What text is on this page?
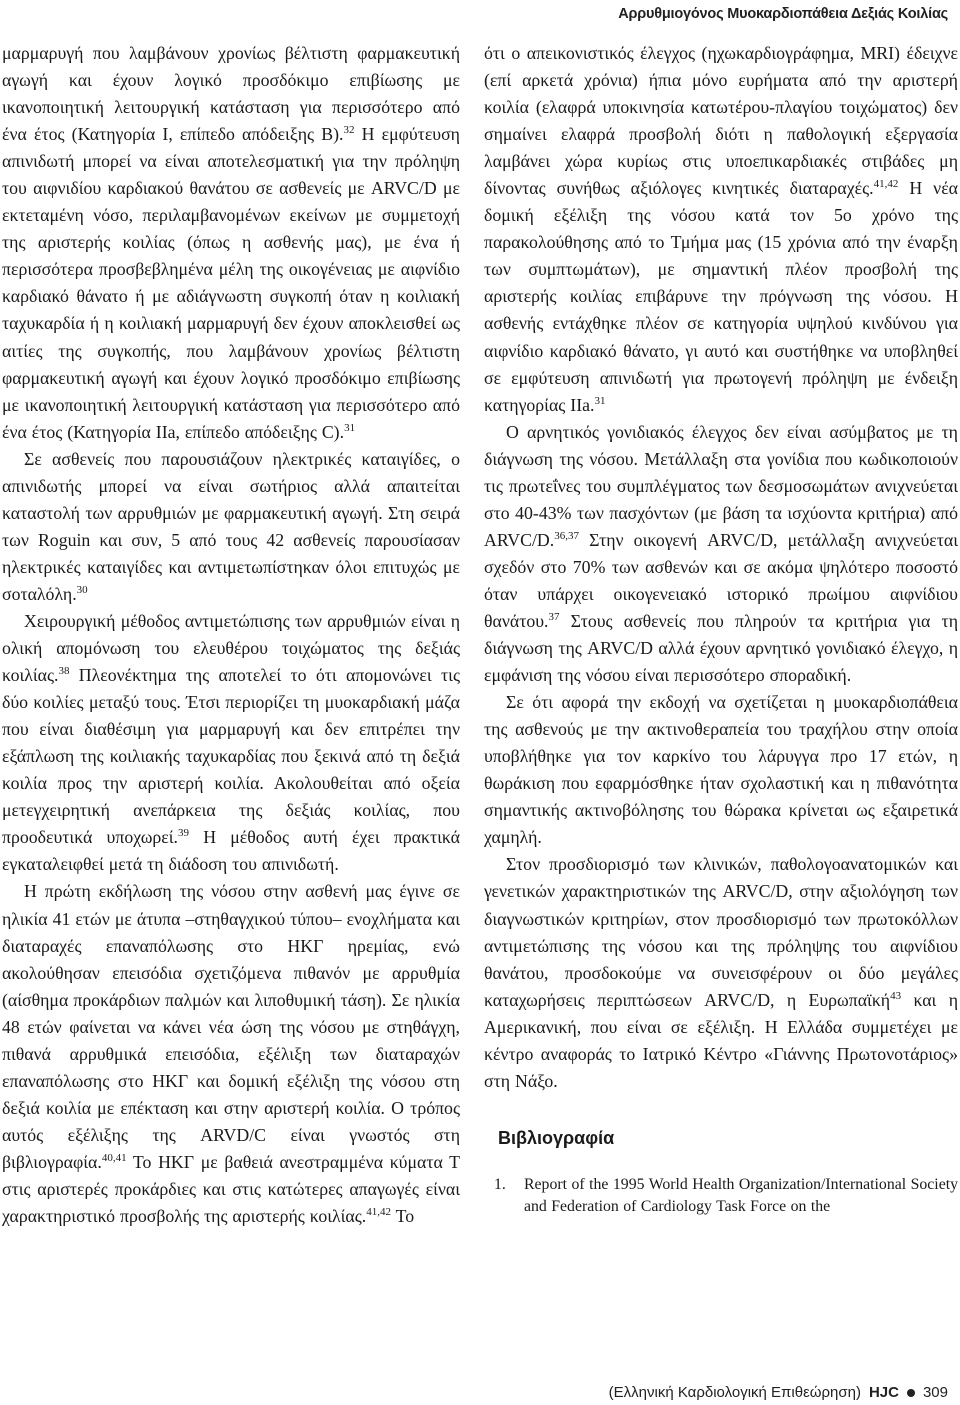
Αρρυθμιογόνος Μυοκαρδιοπάθεια Δεξιάς Κοιλίας

μαρμαρυγή που λαμβάνουν χρονίως βέλτιστη φαρμακευτική αγωγή και έχουν λογικό προσδόκιμο επιβίωσης με ικανοποιητική λειτουργική κατάσταση για περισσότερο από ένα έτος (Κατηγορία Ι, επίπεδο απόδειξης Β).$^{32}$ Η εμφύτευση απινιδωτή μπορεί να είναι αποτελεσματική για την πρόληψη του αιφνιδίου καρδιακού θανάτου σε ασθενείς με ARVC/D με εκτεταμένη νόσο, περιλαμβανομένων εκείνων με συμμετοχή της αριστερής κοιλίας (όπως η ασθενής μας), με ένα ή περισσότερα προσβεβλημένα μέλη της οικογένειας με αιφνίδιο καρδιακό θάνατο ή με αδιάγνωστη συγκοπή όταν η κοιλιακή ταχυκαρδία ή η κοιλιακή μαρμαρυγή δεν έχουν αποκλεισθεί ως αιτίες της συγκοπής, που λαμβάνουν χρονίως βέλτιστη φαρμακευτική αγωγή και έχουν λογικό προσδόκιμο επιβίωσης με ικανοποιητική λειτουργική κατάσταση για περισσότερο από ένα έτος (Κατηγορία ΙΙa, επίπεδο απόδειξης C).$^{31}$

Σε ασθενείς που παρουσιάζουν ηλεκτρικές καταιγίδες, ο απινιδωτής μπορεί να είναι σωτήριος αλλά απαιτείται καταστολή των αρρυθμιών με φαρμακευτική αγωγή. Στη σειρά των Roguin και συν, 5 από τους 42 ασθενείς παρουσίασαν ηλεκτρικές καταιγίδες και αντιμετωπίστηκαν όλοι επιτυχώς με σοταλόλη.$^{30}$

Χειρουργική μέθοδος αντιμετώπισης των αρρυθμιών είναι η ολική απομόνωση του ελευθέρου τοιχώματος της δεξιάς κοιλίας.$^{38}$ Πλεονέκτημα της αποτελεί το ότι απομονώνει τις δύο κοιλίες μεταξύ τους. Έτσι περιορίζει τη μυοκαρδιακή μάζα που είναι διαθέσιμη για μαρμαρυγή και δεν επιτρέπει την εξάπλωση της κοιλιακής ταχυκαρδίας που ξεκινά από τη δεξιά κοιλία προς την αριστερή κοιλία. Ακολουθείται από οξεία μετεγχειρητική ανεπάρκεια της δεξιάς κοιλίας, που προοδευτικά υποχωρεί.$^{39}$ Η μέθοδος αυτή έχει πρακτικά εγκαταλειφθεί μετά τη διάδοση του απινιδωτή.

Η πρώτη εκδήλωση της νόσου στην ασθενή μας έγινε σε ηλικία 41 ετών με άτυπα –στηθαγχικού τύπου– ενοχλήματα και διαταραχές επαναπόλωσης στο ΗΚΓ ηρεμίας, ενώ ακολούθησαν επεισόδια σχετιζόμενα πιθανόν με αρρυθμία (αίσθημα προκάρδιων παλμών και λιποθυμική τάση). Σε ηλικία 48 ετών φαίνεται να κάνει νέα ώση της νόσου με στηθάγχη, πιθανά αρρυθμικά επεισόδια, εξέλιξη των διαταραχών επαναπόλωσης στο ΗΚΓ και δομική εξέλιξη της νόσου στη δεξιά κοιλία με επέκταση και στην αριστερή κοιλία. Ο τρόπος αυτός εξέλιξης της ARVD/C είναι γνωστός στη βιβλιογραφία.$^{40,41}$ Το ΗΚΓ με βαθειά ανεστραμμένα κύματα Τ στις αριστερές προκάρδιες και στις κατώτερες απαγωγές είναι χαρακτηριστικό προσβολής της αριστερής κοιλίας.$^{41,42}$ Το

ότι ο απεικονιστικός έλεγχος (ηχωκαρδιογράφημα, MRI) έδειχνε (επί αρκετά χρόνια) ήπια μόνο ευρήματα από την αριστερή κοιλία (ελαφρά υποκινησία κατωτέρου-πλαγίου τοιχώματος) δεν σημαίνει ελαφρά προσβολή διότι η παθολογική εξεργασία λαμβάνει χώρα κυρίως στις υποεπικαρδιακές στιβάδες μη δίνοντας συνήθως αξιόλογες κινητικές διαταραχές.$^{41,42}$ Η νέα δομική εξέλιξη της νόσου κατά τον 5ο χρόνο της παρακολούθησης από το Τμήμα μας (15 χρόνια από την έναρξη των συμπτωμάτων), με σημαντική πλέον προσβολή της αριστερής κοιλίας επιβάρυνε την πρόγνωση της νόσου. Η ασθενής εντάχθηκε πλέον σε κατηγορία υψηλού κινδύνου για αιφνίδιο καρδιακό θάνατο, γι αυτό και συστήθηκε να υποβληθεί σε εμφύτευση απινιδωτή για πρωτογενή πρόληψη με ένδειξη κατηγορίας ΙΙa.$^{31}$

Ο αρνητικός γονιδιακός έλεγχος δεν είναι ασύμβατος με τη διάγνωση της νόσου. Μετάλλαξη στα γονίδια που κωδικοποιούν τις πρωτεΐνες του συμπλέγματος των δεσμοσωμάτων ανιχνεύεται στο 40-43% των πασχόντων (με βάση τα ισχύοντα κριτήρια) από ARVC/D.$^{36,37}$ Στην οικογενή ARVC/D, μετάλλαξη ανιχνεύεται σχεδόν στο 70% των ασθενών και σε ακόμα ψηλότερο ποσοστό όταν υπάρχει οικογενειακό ιστορικό πρωίμου αιφνίδιου θανάτου.$^{37}$ Στους ασθενείς που πληρούν τα κριτήρια για τη διάγνωση της ARVC/D αλλά έχουν αρνητικό γονιδιακό έλεγχο, η εμφάνιση της νόσου είναι περισσότερο σποραδική.

Σε ότι αφορά την εκδοχή να σχετίζεται η μυοκαρδιοπάθεια της ασθενούς με την ακτινοθεραπεία του τραχήλου στην οποία υποβλήθηκε για τον καρκίνο του λάρυγγα προ 17 ετών, η θωράκιση που εφαρμόσθηκε ήταν σχολαστική και η πιθανότητα σημαντικής ακτινοβόλησης του θώρακα κρίνεται ως εξαιρετικά χαμηλή.

Στον προσδιορισμό των κλινικών, παθολογοανατομικών και γενετικών χαρακτηριστικών της ARVC/D, στην αξιολόγηση των διαγνωστικών κριτηρίων, στον προσδιορισμό των πρωτοκόλλων αντιμετώπισης της νόσου και της πρόληψης του αιφνίδιου θανάτου, προσδοκούμε να συνεισφέρουν οι δύο μεγάλες καταχωρήσεις περιπτώσεων ARVC/D, η Ευρωπαϊκή$^{43}$ και η Αμερικανική, που είναι σε εξέλιξη. Η Ελλάδα συμμετέχει με κέντρο αναφοράς το Ιατρικό Κέντρο «Γιάννης Πρωτονοτάριος» στη Νάξο.

Βιβλιογραφία
1.	Report of the 1995 World Health Organization/International Society and Federation of Cardiology Task Force on the
(Ελληνική Καρδιολογική Επιθεώρηση) HJC 309
